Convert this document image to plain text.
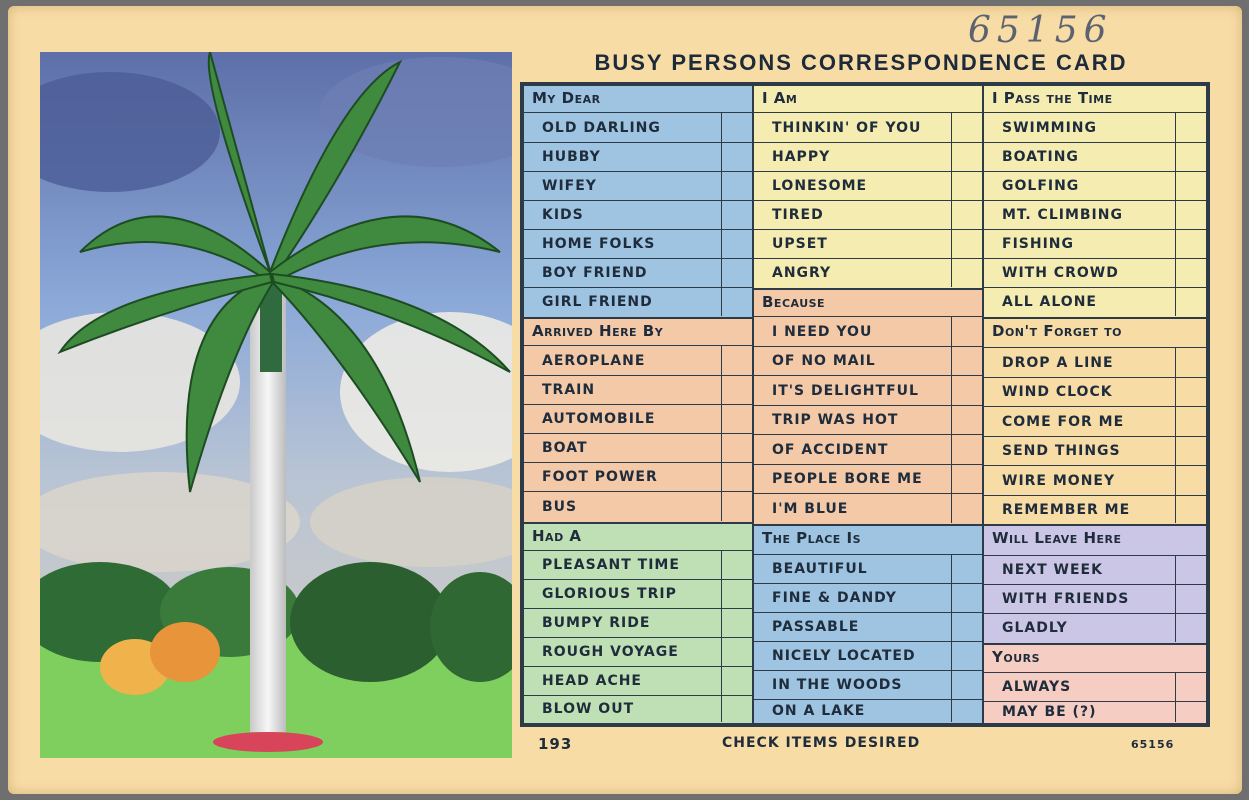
65156
BUSY PERSONS CORRESPONDENCE CARD
My Dear
OLD DARLING
HUBBY
WIFEY
KIDS
HOME FOLKS
BOY FRIEND
GIRL FRIEND
Arrived Here By
AEROPLANE
TRAIN
AUTOMOBILE
BOAT
FOOT POWER
BUS
Had A
PLEASANT TIME
GLORIOUS TRIP
BUMPY RIDE
ROUGH VOYAGE
HEAD ACHE
BLOW OUT
I Am
THINKIN' OF YOU
HAPPY
LONESOME
TIRED
UPSET
ANGRY
Because
I NEED YOU
OF NO MAIL
IT'S DELIGHTFUL
TRIP WAS HOT
OF ACCIDENT
PEOPLE BORE ME
I'M BLUE
The Place Is
BEAUTIFUL
FINE & DANDY
PASSABLE
NICELY LOCATED
IN THE WOODS
ON A LAKE
I Pass the Time
SWIMMING
BOATING
GOLFING
MT. CLIMBING
FISHING
WITH CROWD
ALL ALONE
Don't Forget to
DROP A LINE
WIND CLOCK
COME FOR ME
SEND THINGS
WIRE MONEY
REMEMBER ME
Will Leave Here
NEXT WEEK
WITH FRIENDS
GLADLY
Yours
ALWAYS
MAY BE (?)
193	CHECK ITEMS DESIRED	65156
